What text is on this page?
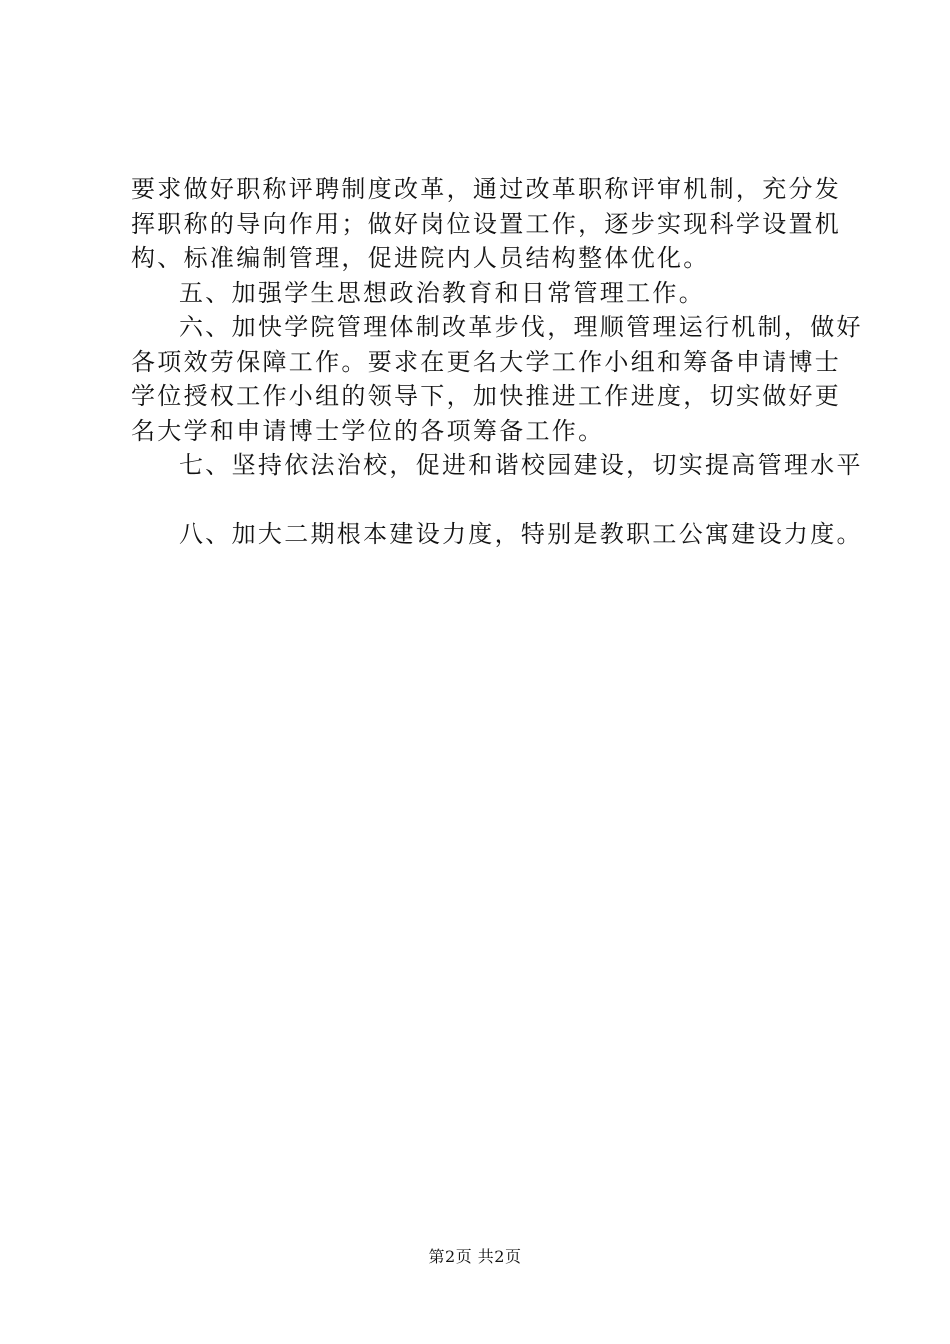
要求做好职称评聘制度改革，通过改革职称评审机制，充分发
挥职称的导向作用；做好岗位设置工作，逐步实现科学设置机
构、标准编制管理，促进院内人员结构整体优化。
五、加强学生思想政治教育和日常管理工作。
六、加快学院管理体制改革步伐，理顺管理运行机制，做好
各项效劳保障工作。要求在更名大学工作小组和筹备申请博士
学位授权工作小组的领导下，加快推进工作进度，切实做好更
名大学和申请博士学位的各项筹备工作。
七、坚持依法治校，促进和谐校园建设，切实提高管理水平
八、加大二期根本建设力度，特别是教职工公寓建设力度。
第2页 共2页
